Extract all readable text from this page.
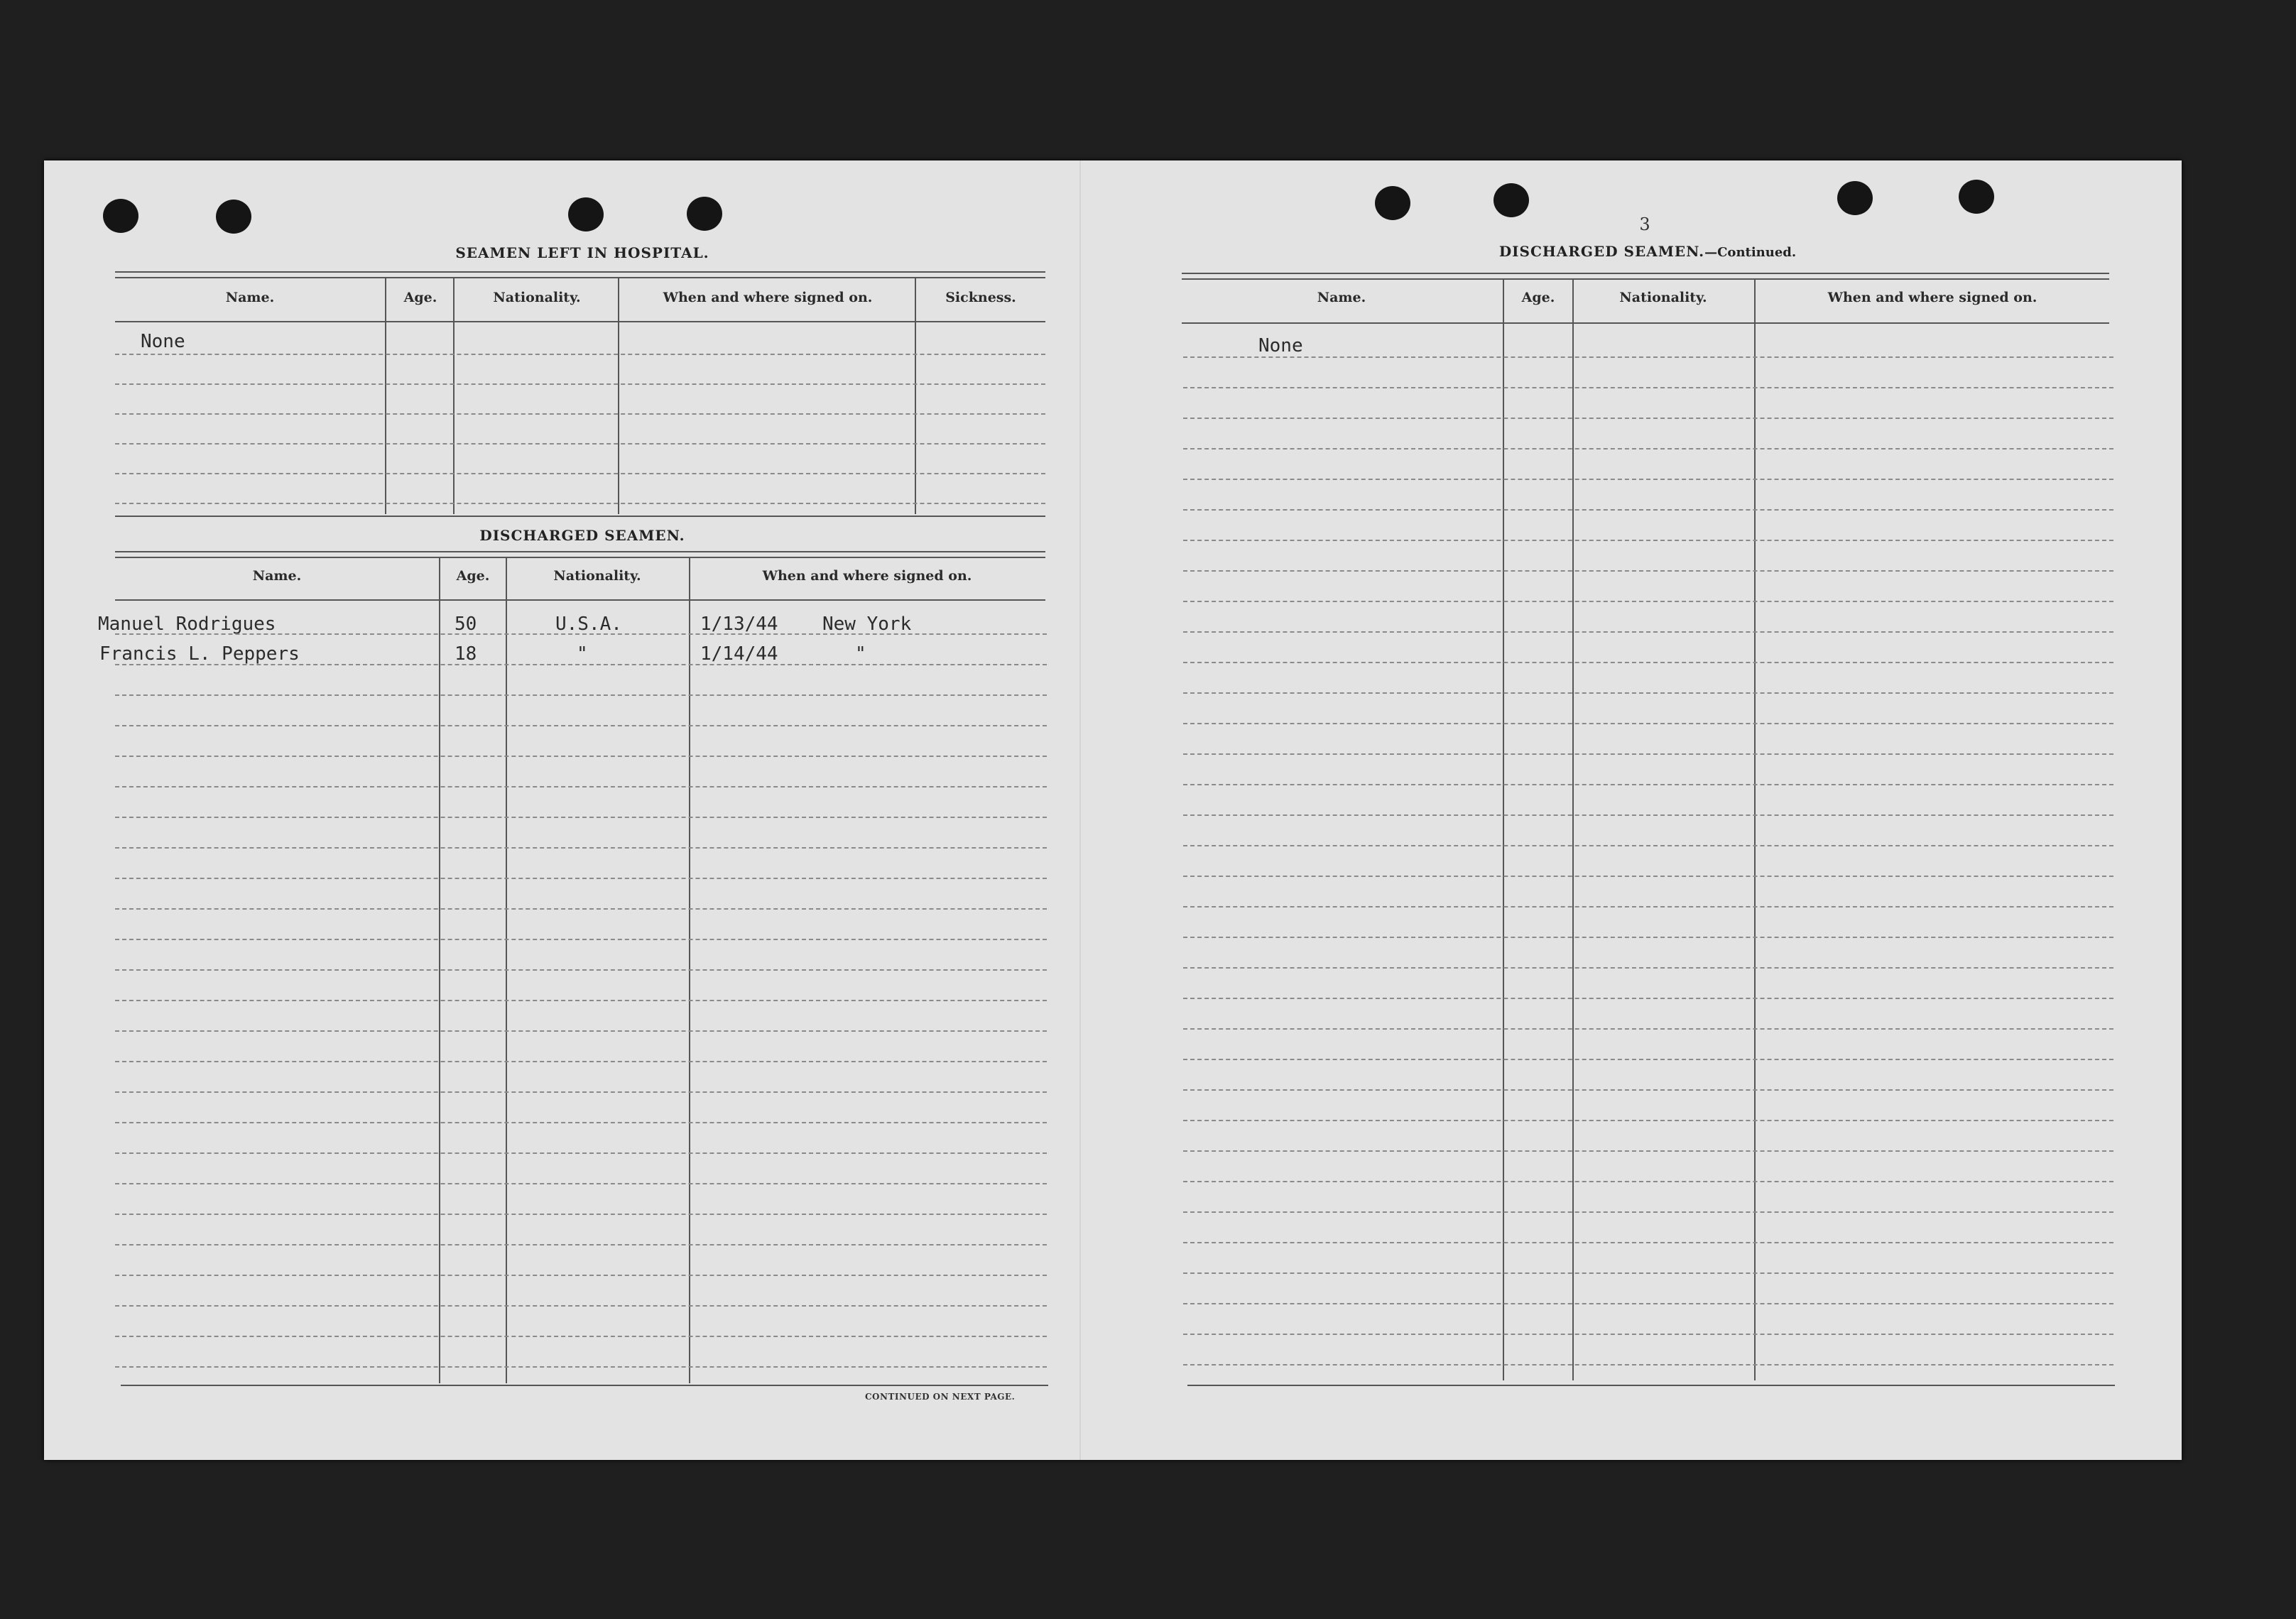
SEAMEN LEFT IN HOSPITAL.
Name.	Age.	Nationality.	When and where signed on.	Sickness.
None
DISCHARGED SEAMEN.
Name.	Age.	Nationality.	When and where signed on.
Manuel Rodrigues	50	U.S.A.	1/13/44 New York
Francis L. Peppers	18	"	1/14/44	"
CONTINUED ON NEXT PAGE.
3
DISCHARGED SEAMEN.—Continued.
Name.	Age.	Nationality.	When and where signed on.
None
